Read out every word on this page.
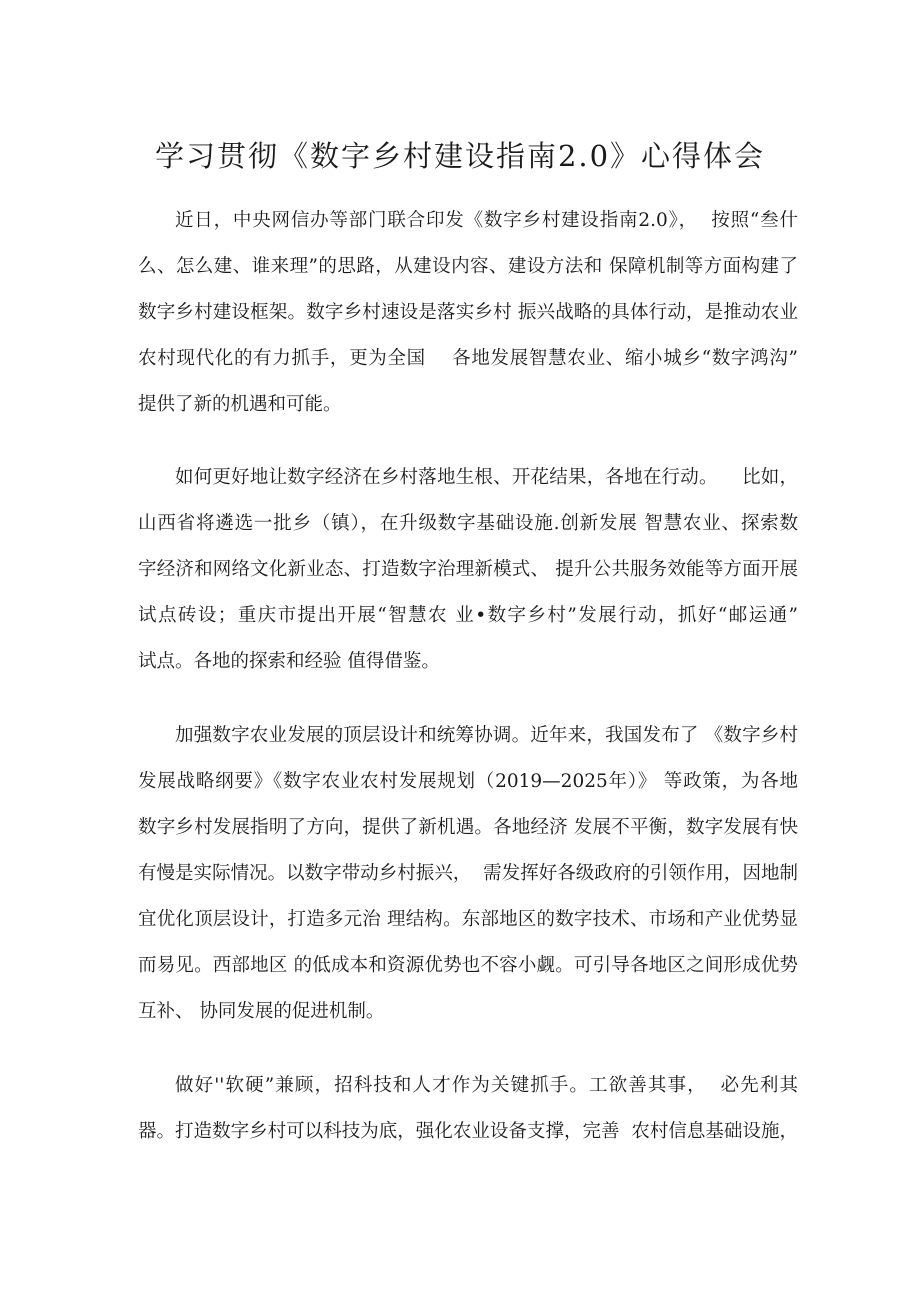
学习贯彻《数字乡村建设指南2.0》心得体会
近日，中央网信办等部门联合印发《数字乡村建设指南2.0》，  按照“叁什
么、怎么建、谁来理”的思路，从建设内容、建设方法和 保障机制等方面构建了
数字乡村建设框架。数字乡村速设是落实乡村 振兴战略的具体行动，是推动农业
农村现代化的有力抓手，更为全国    各地发展智慧农业、缩小城乡“数字鸿沟”
提供了新的机遇和可能。
如何更好地让数字经济在乡村落地生根、开花结果，各地在行动。    比如，
山西省将遴选一批乡（镇），在升级数字基础设施.创新发展 智慧农业、探索数
字经济和网络文化新业态、打造数字治理新模式、 提升公共服务效能等方面开展
试点砖设；重庆市提出开展“智慧农 业•数字乡村”发展行动，抓好“邮运通”
试点。各地的探索和经验 值得借鉴。
加强数字农业发展的顶层设计和统筹协调。近年来，我国发布了 《数字乡村
发展战略纲要》《数字农业农村发展规划（2019—2025年）》 等政策，为各地
数字乡村发展指明了方向，提供了新机遇。各地经济 发展不平衡，数字发展有快
有慢是实际情况。以数字带动乡村振兴，  需发挥好各级政府的引领作用，因地制
宜优化顶层设计，打造多元治 理结构。东部地区的数字技术、市场和产业优势显
而易见。西部地区 的低成本和资源优势也不容小觑。可引导各地区之间形成优势
互补、 协同发展的促进机制。
做好''软硬”兼顾，招科技和人才作为关键抓手。工欲善其事，  必先利其
器。打造数字乡村可以科技为底，强化农业设备支撑，完善  农村信息基础设施，
